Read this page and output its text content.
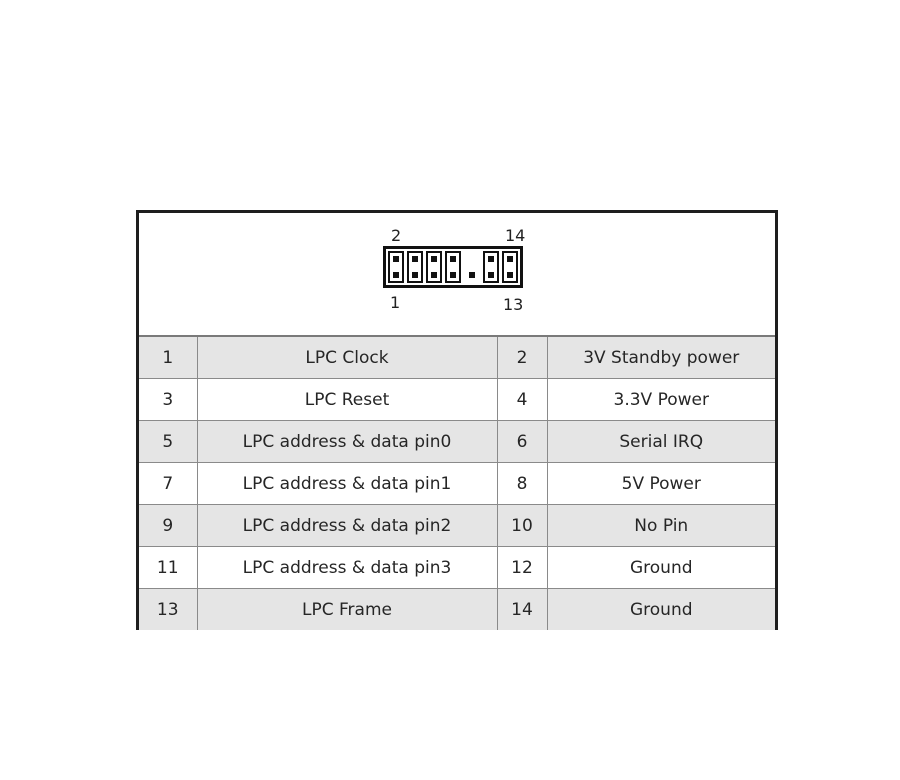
2	14
1	13
1	LPC Clock	2	3V Standby power
3	LPC Reset	4	3.3V Power
5	LPC address & data pin0	6	Serial IRQ
7	LPC address & data pin1	8	5V Power
9	LPC address & data pin2	10	No Pin
11	LPC address & data pin3	12	Ground
13	LPC Frame	14	Ground
